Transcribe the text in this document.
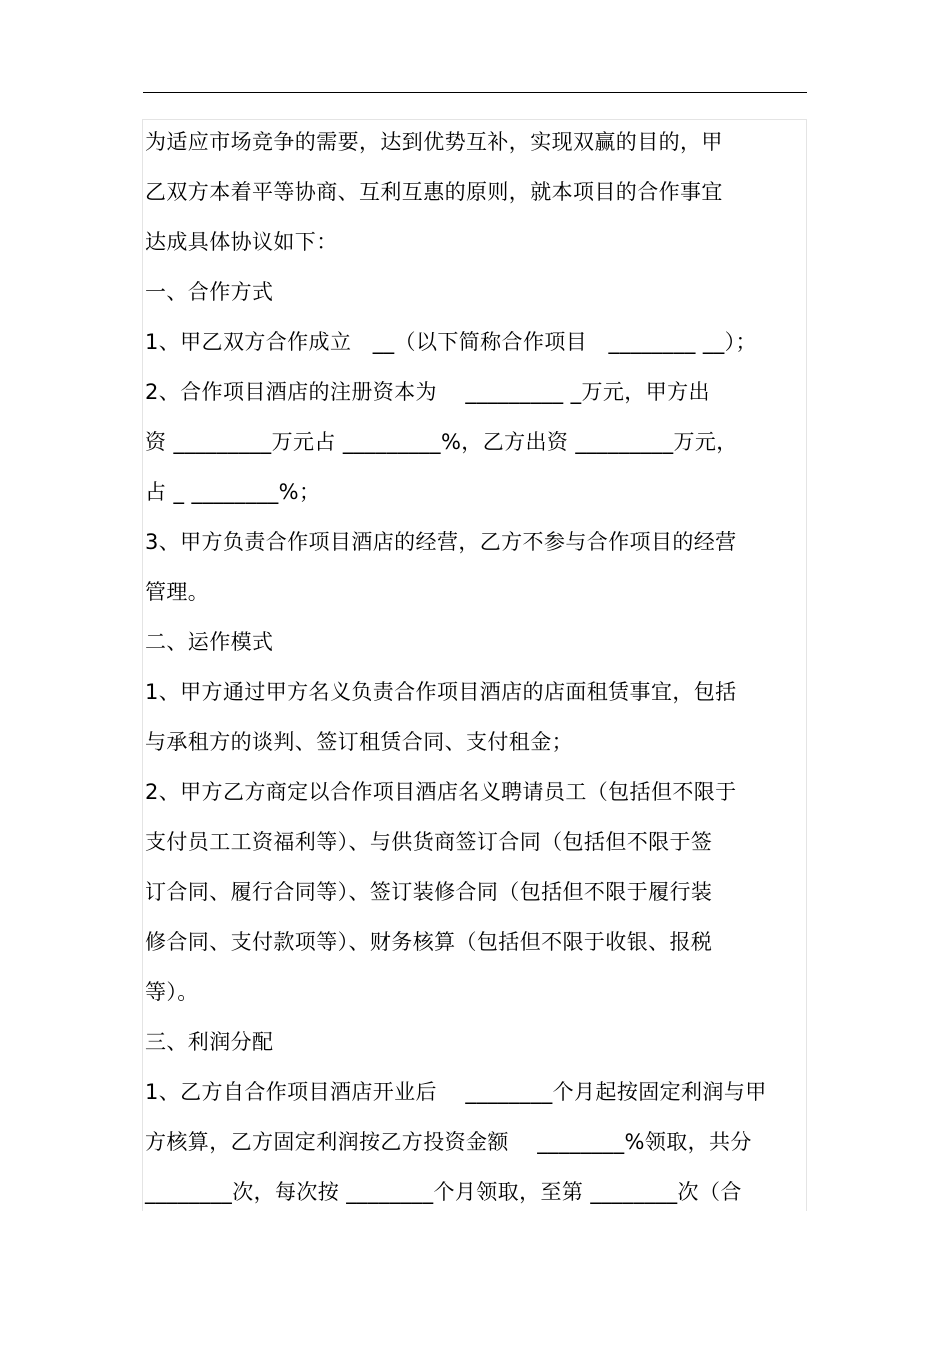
为适应市场竞争的需要，达到优势互补，实现双赢的目的，甲

乙双方本着平等协商、互利互惠的原则，就本项目的合作事宜

达成具体协议如下：

一、合作方式

1、甲乙双方合作成立　__（以下简称合作项目　________ __）；

2、合作项目酒店的注册资本为　 _________ _万元，甲方出

资 _________万元占 _________%，乙方出资 _________万元，

占 _ ________%；

3、甲方负责合作项目酒店的经营，乙方不参与合作项目的经营

管理。

二、运作模式

1、甲方通过甲方名义负责合作项目酒店的店面租赁事宜，包括

与承租方的谈判、签订租赁合同、支付租金；

2、甲方乙方商定以合作项目酒店名义聘请员工（包括但不限于

支付员工工资福利等）、与供货商签订合同（包括但不限于签

订合同、履行合同等）、签订装修合同（包括但不限于履行装

修合同、支付款项等）、财务核算（包括但不限于收银、报税

等）。

三、利润分配

1、乙方自合作项目酒店开业后　 ________个月起按固定利润与甲

方核算，乙方固定利润按乙方投资金额　 ________%领取，共分

________次，每次按 ________个月领取，至第 ________次（合
